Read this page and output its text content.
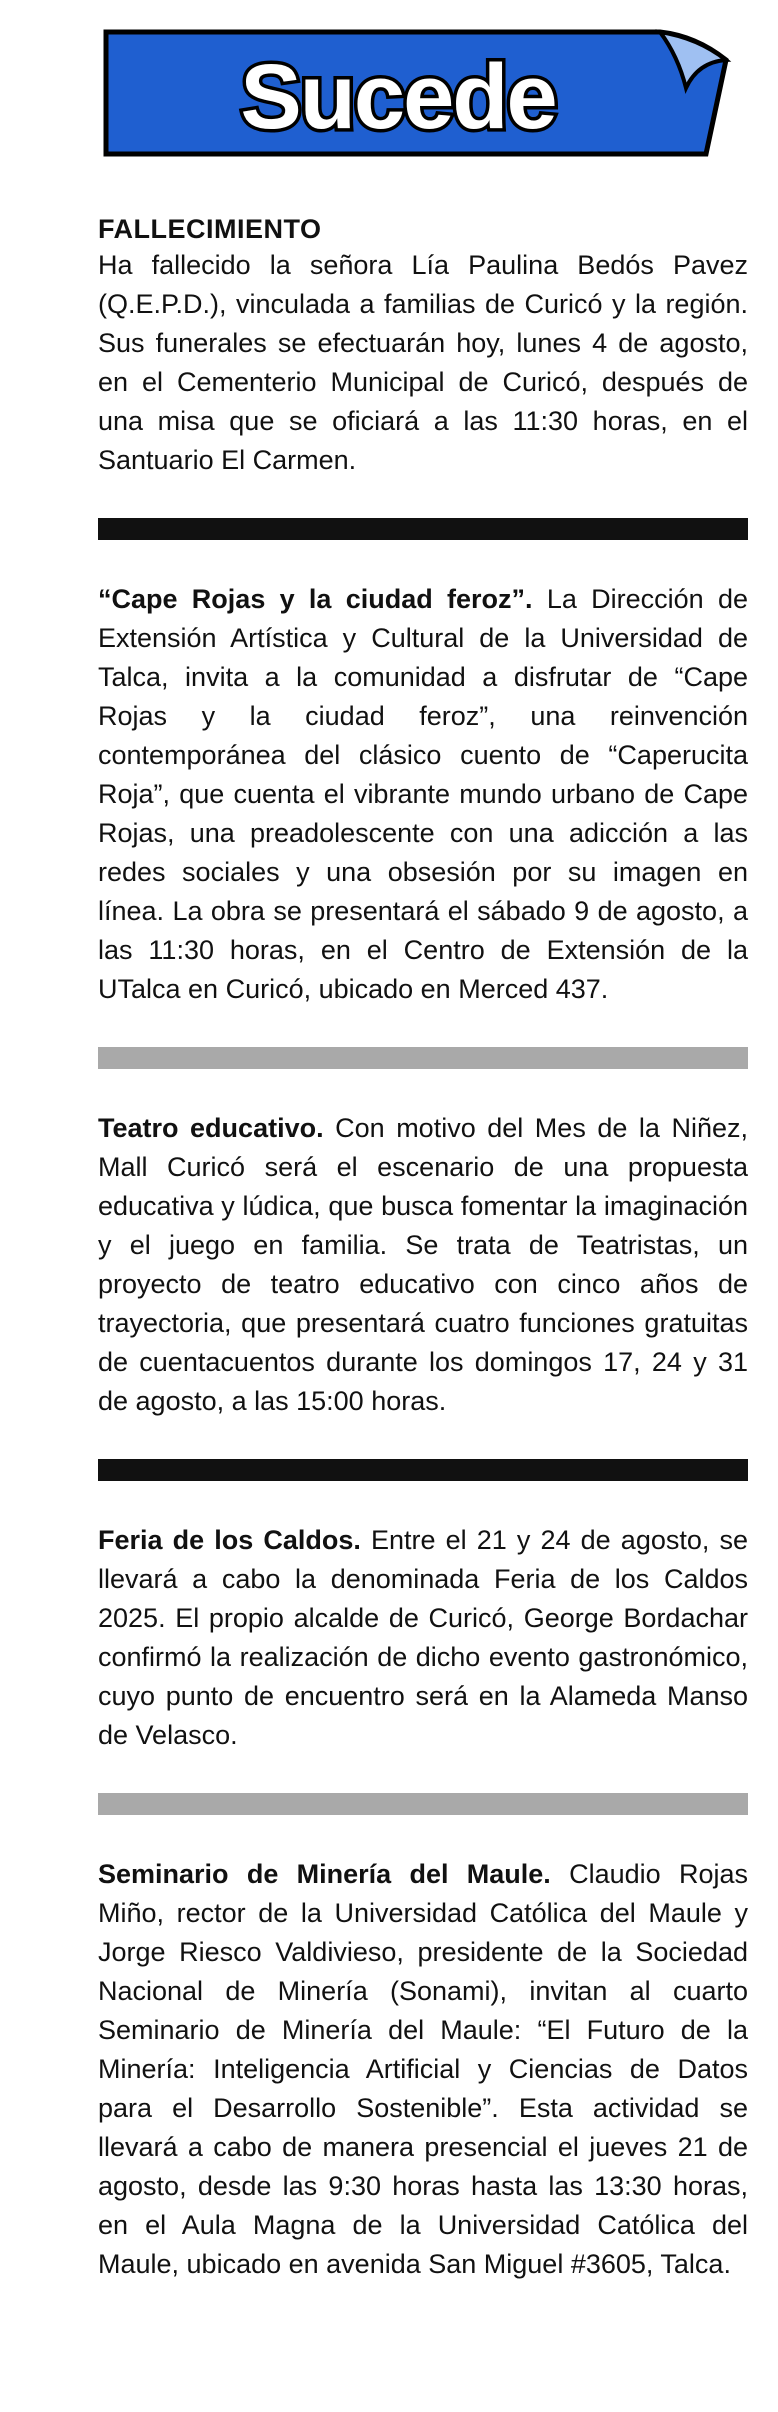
Sucede

FALLECIMIENTO

Ha fallecido la señora Lía Paulina Bedós Pavez (Q.E.P.D.), vinculada a familias de Curicó y la región. Sus funerales se efectuarán hoy, lunes 4 de agosto, en el Cementerio Municipal de Curicó, después de una misa que se oficiará a las 11:30 horas, en el Santuario El Carmen.

“Cape Rojas y la ciudad feroz”. La Dirección de Extensión Artística y Cultural de la Universidad de Talca, invita a la comunidad a disfrutar de “Cape Rojas y la ciudad feroz”, una reinvención contemporánea del clásico cuento de “Caperucita Roja”, que cuenta el vibrante mundo urbano de Cape Rojas, una preadolescente con una adicción a las redes sociales y una obsesión por su imagen en línea. La obra se presentará el sábado 9 de agosto, a las 11:30 horas, en el Centro de Extensión de la UTalca en Curicó, ubicado en Merced 437.

Teatro educativo. Con motivo del Mes de la Niñez, Mall Curicó será el escenario de una propuesta educativa y lúdica, que busca fomentar la imaginación y el juego en familia. Se trata de Teatristas, un proyecto de teatro educativo con cinco años de trayectoria, que presentará cuatro funciones gratuitas de cuentacuentos durante los domingos 17, 24 y 31 de agosto, a las 15:00 horas.

Feria de los Caldos. Entre el 21 y 24 de agosto, se llevará a cabo la denominada Feria de los Caldos 2025. El propio alcalde de Curicó, George Bordachar confirmó la realización de dicho evento gastronómico, cuyo punto de encuentro será en la Alameda Manso de Velasco.

Seminario de Minería del Maule. Claudio Rojas Miño, rector de la Universidad Católica del Maule y Jorge Riesco Valdivieso, presidente de la Sociedad Nacional de Minería (Sonami), invitan al cuarto Seminario de Minería del Maule: “El Futuro de la Minería: Inteligencia Artificial y Ciencias de Datos para el Desarrollo Sostenible”. Esta actividad se llevará a cabo de manera presencial el jueves 21 de agosto, desde las 9:30 horas hasta las 13:30 horas, en el Aula Magna de la Universidad Católica del Maule, ubicado en avenida San Miguel #3605, Talca.
